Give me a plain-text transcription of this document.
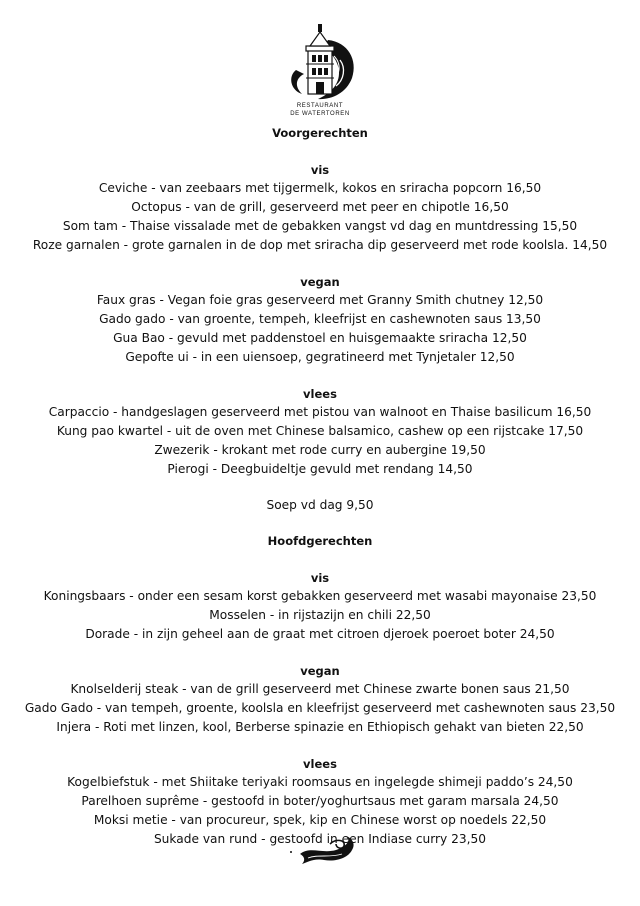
RESTAURANT
DE WATERTOREN

Voorgerechten

vis

Ceviche - van zeebaars met tijgermelk, kokos en sriracha popcorn 16,50

Octopus - van de grill, geserveerd met peer en chipotle 16,50

Som tam - Thaise vissalade met de gebakken vangst vd dag en muntdressing 15,50

Roze garnalen - grote garnalen in de dop met sriracha dip geserveerd met rode koolsla. 14,50

vegan

Faux gras - Vegan foie gras geserveerd met Granny Smith chutney 12,50

Gado gado - van groente, tempeh, kleefrijst en cashewnoten saus 13,50

Gua Bao - gevuld met paddenstoel en huisgemaakte sriracha 12,50

Gepofte ui - in een uiensoep, gegratineerd met Tynjetaler 12,50

vlees

Carpaccio - handgeslagen geserveerd met pistou van walnoot en Thaise basilicum 16,50

Kung pao kwartel - uit de oven met Chinese balsamico, cashew op een rijstcake 17,50

Zwezerik - krokant met rode curry en aubergine 19,50

Pierogi - Deegbuideltje gevuld met rendang 14,50

Soep vd dag 9,50

Hoofdgerechten

vis

Koningsbaars - onder een sesam korst gebakken geserveerd met wasabi mayonaise 23,50

Mosselen - in rijstazijn en chili 22,50

Dorade - in zijn geheel aan de graat met citroen djeroek poeroet boter 24,50

vegan

Knolselderij steak - van de grill geserveerd met Chinese zwarte bonen saus 21,50

Gado Gado - van tempeh, groente, koolsla en kleefrijst geserveerd met cashewnoten saus 23,50

Injera - Roti met linzen, kool, Berberse spinazie en Ethiopisch gehakt van bieten 22,50

vlees

Kogelbiefstuk - met Shiitake teriyaki roomsaus en ingelegde shimeji paddo’s 24,50

Parelhoen suprême - gestoofd in boter/yoghurtsaus met garam marsala 24,50

Moksi metie - van procureur, spek, kip en Chinese worst op noedels 22,50

Sukade van rund - gestoofd in een Indiase curry 23,50
